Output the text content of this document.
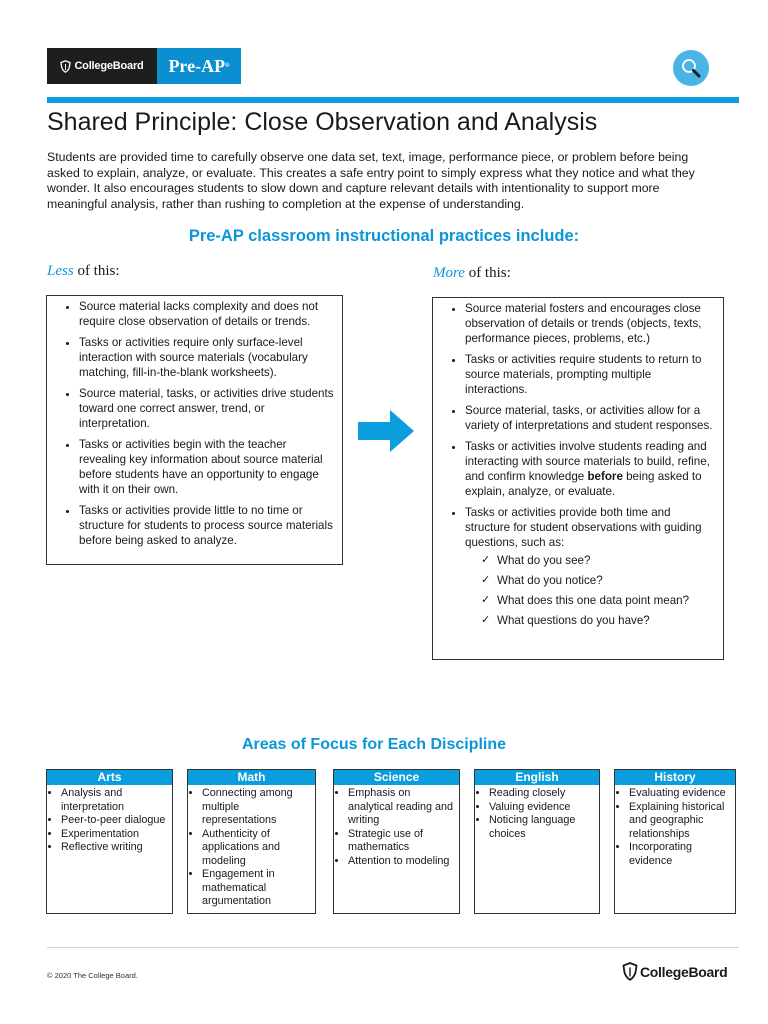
CollegeBoard Pre-AP ®
Shared Principle: Close Observation and Analysis

Students are provided time to carefully observe one data set, text, image, performance piece, or problem before being asked to explain, analyze, or evaluate. This creates a safe entry point to simply express what they notice and what they wonder. It also encourages students to slow down and capture relevant details with intentionality to support more meaningful analysis, rather than rushing to completion at the expense of understanding.

Pre-AP classroom instructional practices include:
Less of this:
• Source material lacks complexity and does not require close observation of details or trends.
• Tasks or activities require only surface-level interaction with source materials (vocabulary matching, fill-in-the-blank worksheets).
• Source material, tasks, or activities drive students toward one correct answer, trend, or interpretation.
• Tasks or activities begin with the teacher revealing key information about source material before students have an opportunity to engage with it on their own.
• Tasks or activities provide little to no time or structure for students to process source materials before being asked to analyze.
More of this:
• Source material fosters and encourages close observation of details or trends (objects, texts, performance pieces, problems, etc.)
• Tasks or activities require students to return to source materials, prompting multiple interactions.
• Source material, tasks, or activities allow for a variety of interpretations and student responses.
• Tasks or activities involve students reading and interacting with source materials to build, refine, and confirm knowledge before being asked to explain, analyze, or evaluate.
• Tasks or activities provide both time and structure for student observations with guiding questions, such as:
✓ What do you see?
✓ What do you notice?
✓ What does this one data point mean?
✓ What questions do you have?
Areas of Focus for Each Discipline
Arts
• Analysis and interpretation
• Peer-to-peer dialogue
• Experimentation
• Reflective writing
Math
• Connecting among multiple representations
• Authenticity of applications and modeling
• Engagement in mathematical argumentation
Science
• Emphasis on analytical reading and writing
• Strategic use of mathematics
• Attention to modeling
English
• Reading closely
• Valuing evidence
• Noticing language choices
History
• Evaluating evidence
• Explaining historical and geographic relationships
• Incorporating evidence
© 2020 The College Board.	CollegeBoard
